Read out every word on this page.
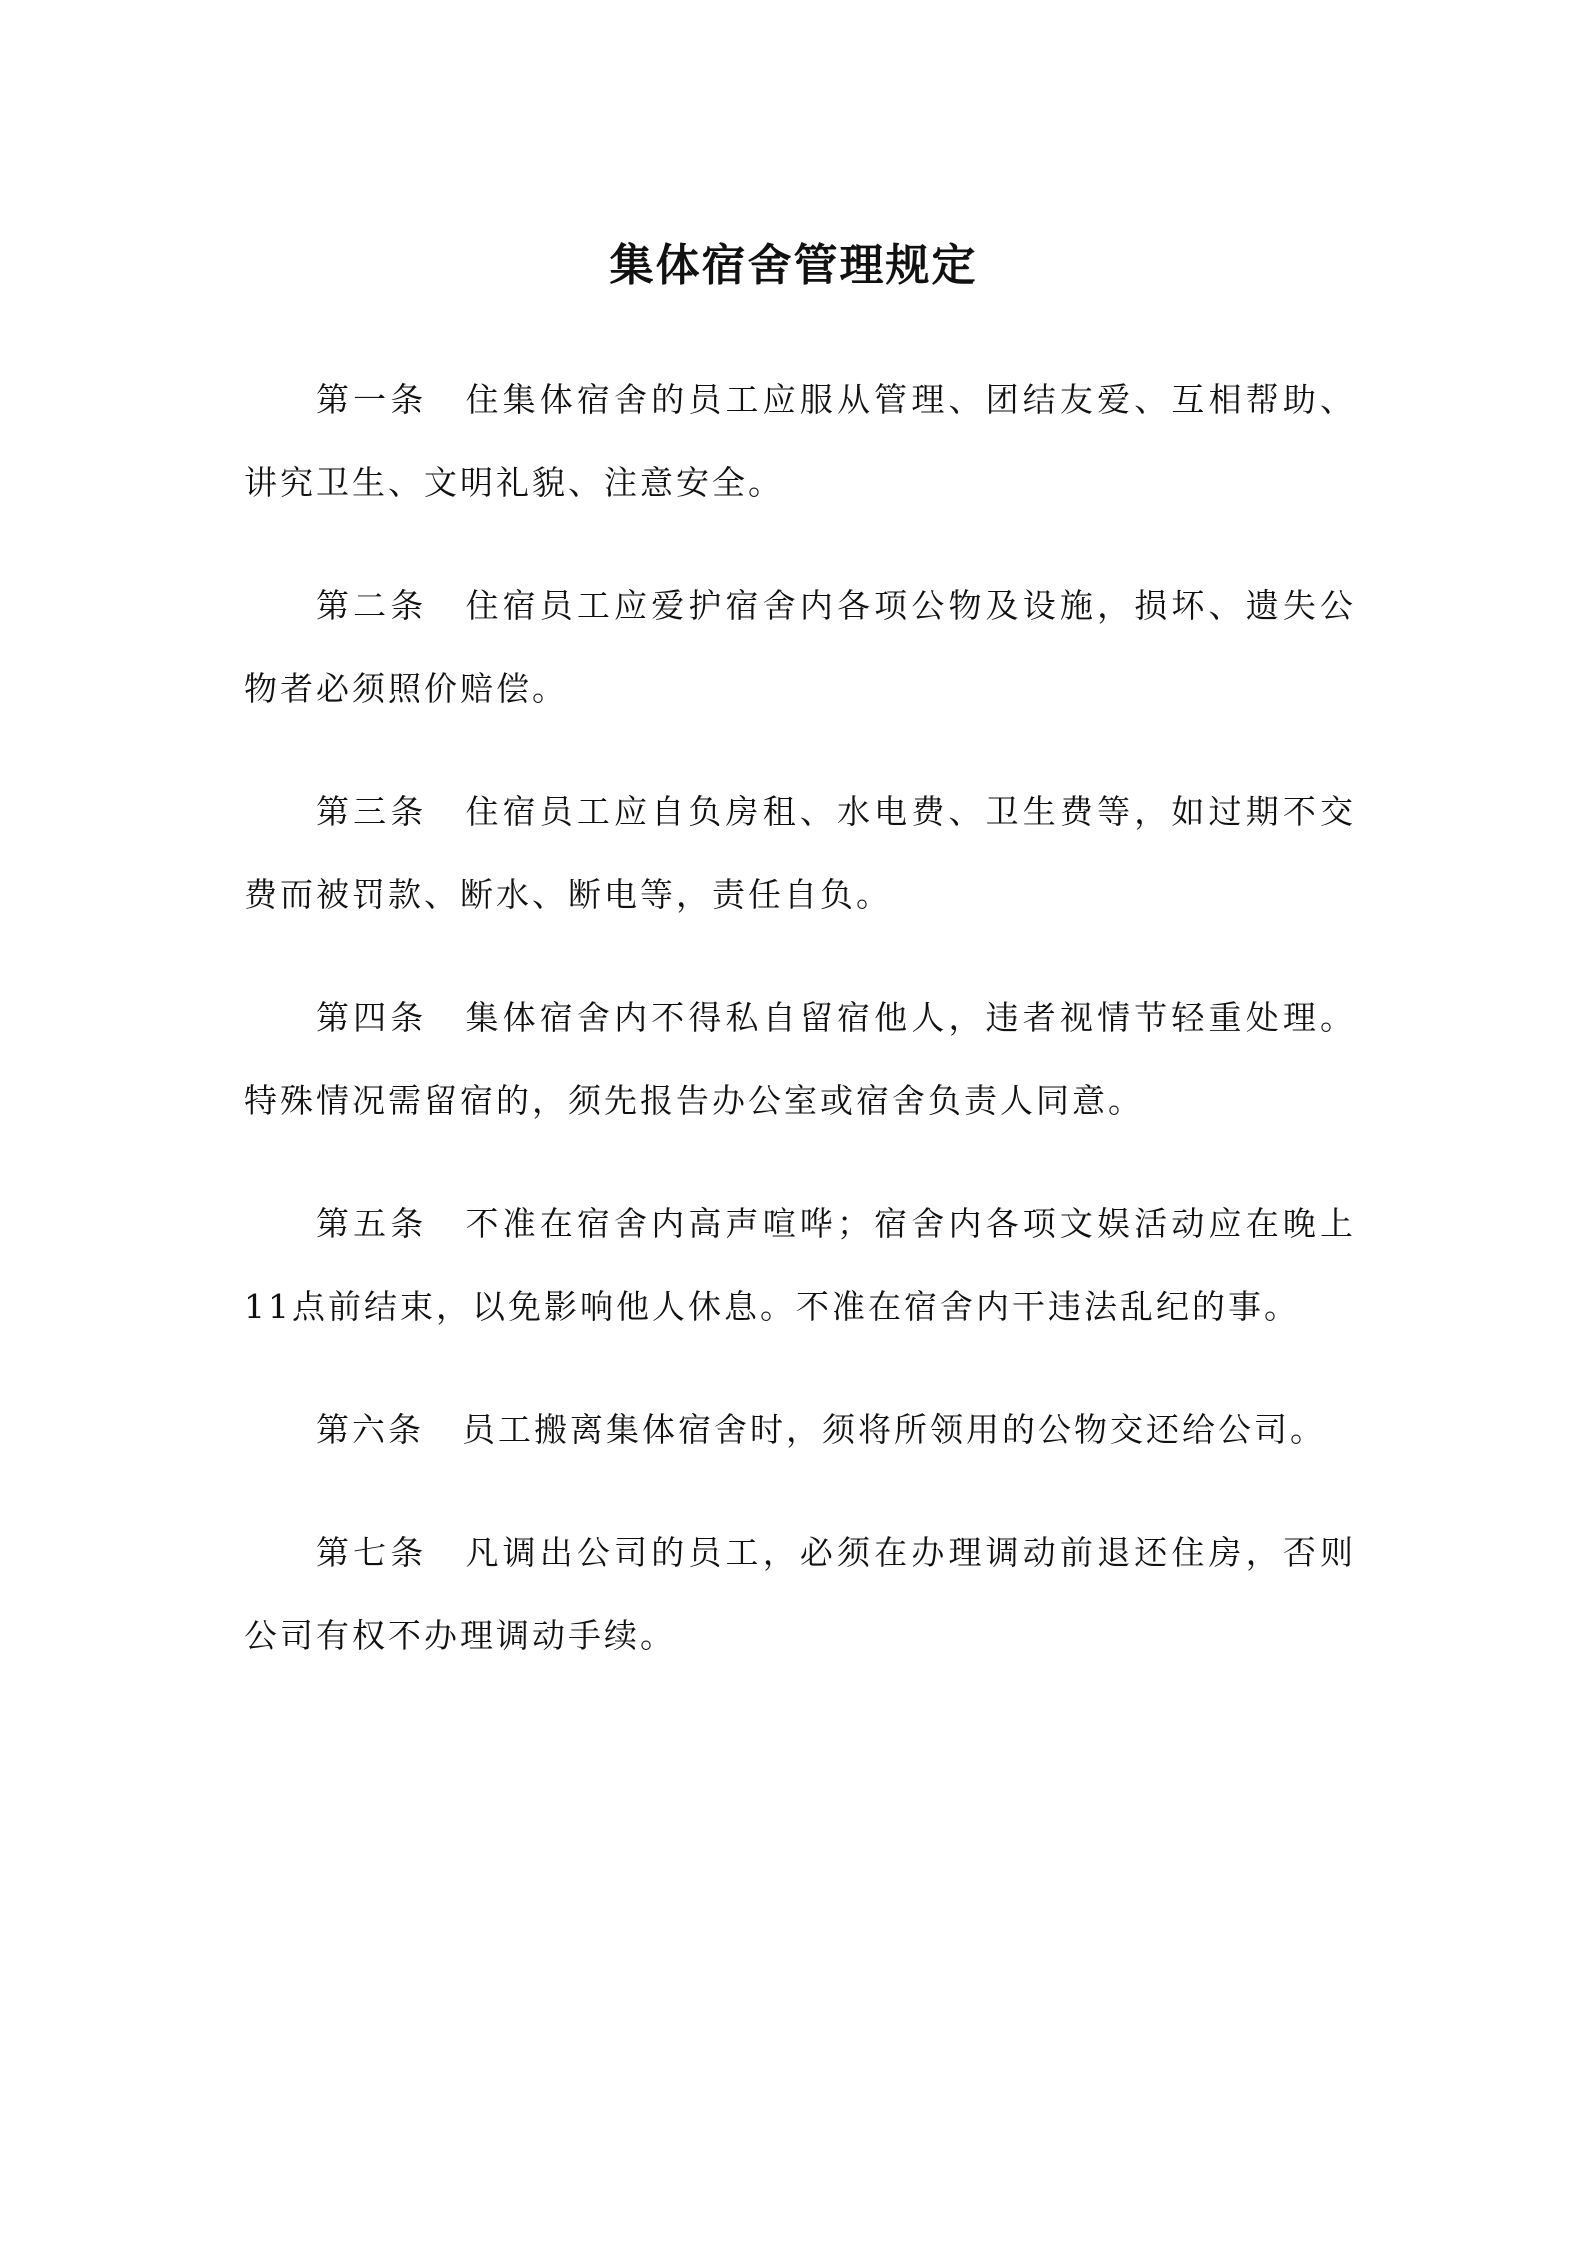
集体宿舍管理规定

第一条 住集体宿舍的员工应服从管理、团结友爱、互相帮助、讲究卫生、文明礼貌、注意安全。

第二条 住宿员工应爱护宿舍内各项公物及设施，损坏、遗失公物者必须照价赔偿。

第三条 住宿员工应自负房租、水电费、卫生费等，如过期不交费而被罚款、断水、断电等，责任自负。

第四条 集体宿舍内不得私自留宿他人，违者视情节轻重处理。特殊情况需留宿的，须先报告办公室或宿舍负责人同意。

第五条 不准在宿舍内高声喧哗；宿舍内各项文娱活动应在晚上11点前结束，以免影响他人休息。不准在宿舍内干违法乱纪的事。

第六条 员工搬离集体宿舍时，须将所领用的公物交还给公司。

第七条 凡调出公司的员工，必须在办理调动前退还住房，否则公司有权不办理调动手续。
